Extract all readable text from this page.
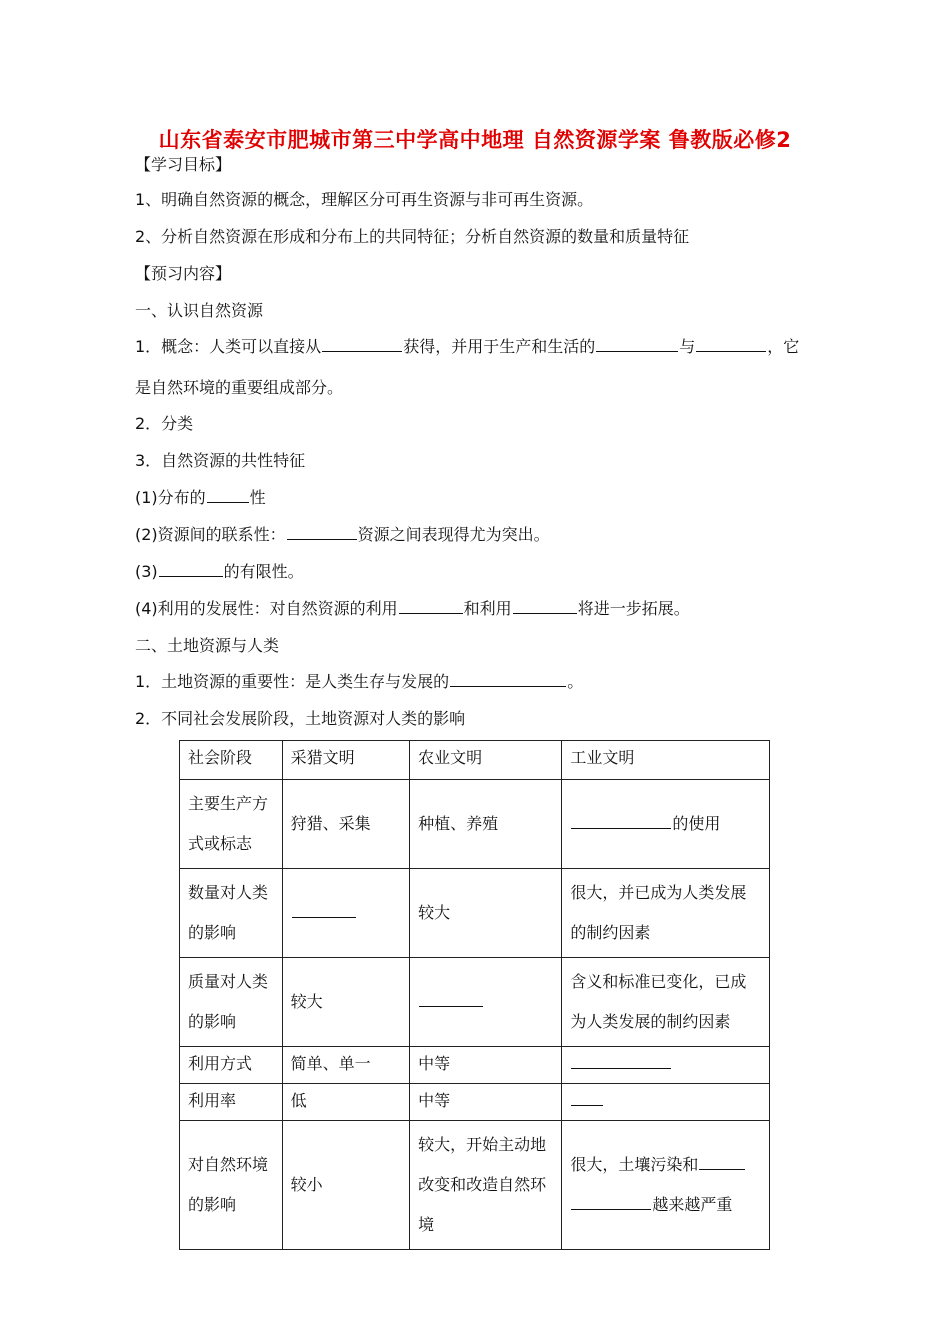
山东省泰安市肥城市第三中学高中地理 自然资源学案 鲁教版必修2
【学习目标】
1、明确自然资源的概念，理解区分可再生资源与非可再生资源。
2、分析自然资源在形成和分布上的共同特征；分析自然资源的数量和质量特征
【预习内容】
一、认识自然资源
1．概念：人类可以直接从	获得，并用于生产和生活的	与	，它
是自然环境的重要组成部分。
2．分类
3．自然资源的共性特征
(1)分布的	性
(2)资源间的联系性：	资源之间表现得尤为突出。
(3)	的有限性。
(4)利用的发展性：对自然资源的利用	和利用	将进一步拓展。
二、土地资源与人类
1．土地资源的重要性：是人类生存与发展的	。
2．不同社会发展阶段，土地资源对人类的影响
社会阶段	采猎文明	农业文明	工业文明
主要生产方式或标志	狩猎、采集	种植、养殖	的使用
数量对人类的影响		较大	很大，并已成为人类发展的制约因素
质量对人类的影响	较大		含义和标准已变化，已成为人类发展的制约因素
利用方式	简单、单一	中等	
利用率	低	中等	
对自然环境的影响	较小	较大，开始主动地改变和改造自然环境	很大，土壤污染和
越来越严重
